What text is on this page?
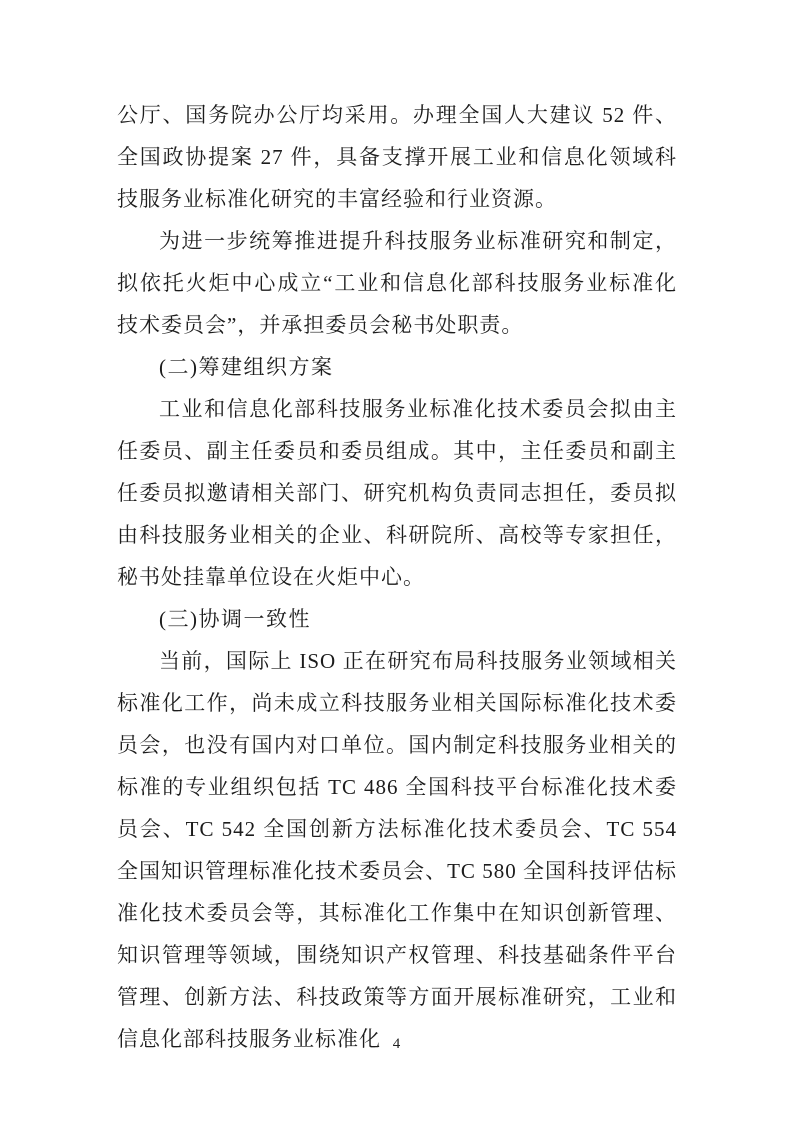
公厅、国务院办公厅均采用。办理全国人大建议 52 件、全国政协提案 27 件，具备支撑开展工业和信息化领域科技服务业标准化研究的丰富经验和行业资源。

为进一步统筹推进提升科技服务业标准研究和制定，拟依托火炬中心成立“工业和信息化部科技服务业标准化技术委员会”，并承担委员会秘书处职责。

(二)筹建组织方案

工业和信息化部科技服务业标准化技术委员会拟由主任委员、副主任委员和委员组成。其中，主任委员和副主任委员拟邀请相关部门、研究机构负责同志担任，委员拟由科技服务业相关的企业、科研院所、高校等专家担任，秘书处挂靠单位设在火炬中心。

(三)协调一致性

当前，国际上 ISO 正在研究布局科技服务业领域相关标准化工作，尚未成立科技服务业相关国际标准化技术委员会，也没有国内对口单位。国内制定科技服务业相关的标准的专业组织包括 TC 486 全国科技平台标准化技术委员会、TC 542 全国创新方法标准化技术委员会、TC 554 全国知识管理标准化技术委员会、TC 580 全国科技评估标准化技术委员会等，其标准化工作集中在知识创新管理、知识管理等领域，围绕知识产权管理、科技基础条件平台管理、创新方法、科技政策等方面开展标准研究，工业和信息化部科技服务业标准化 4
